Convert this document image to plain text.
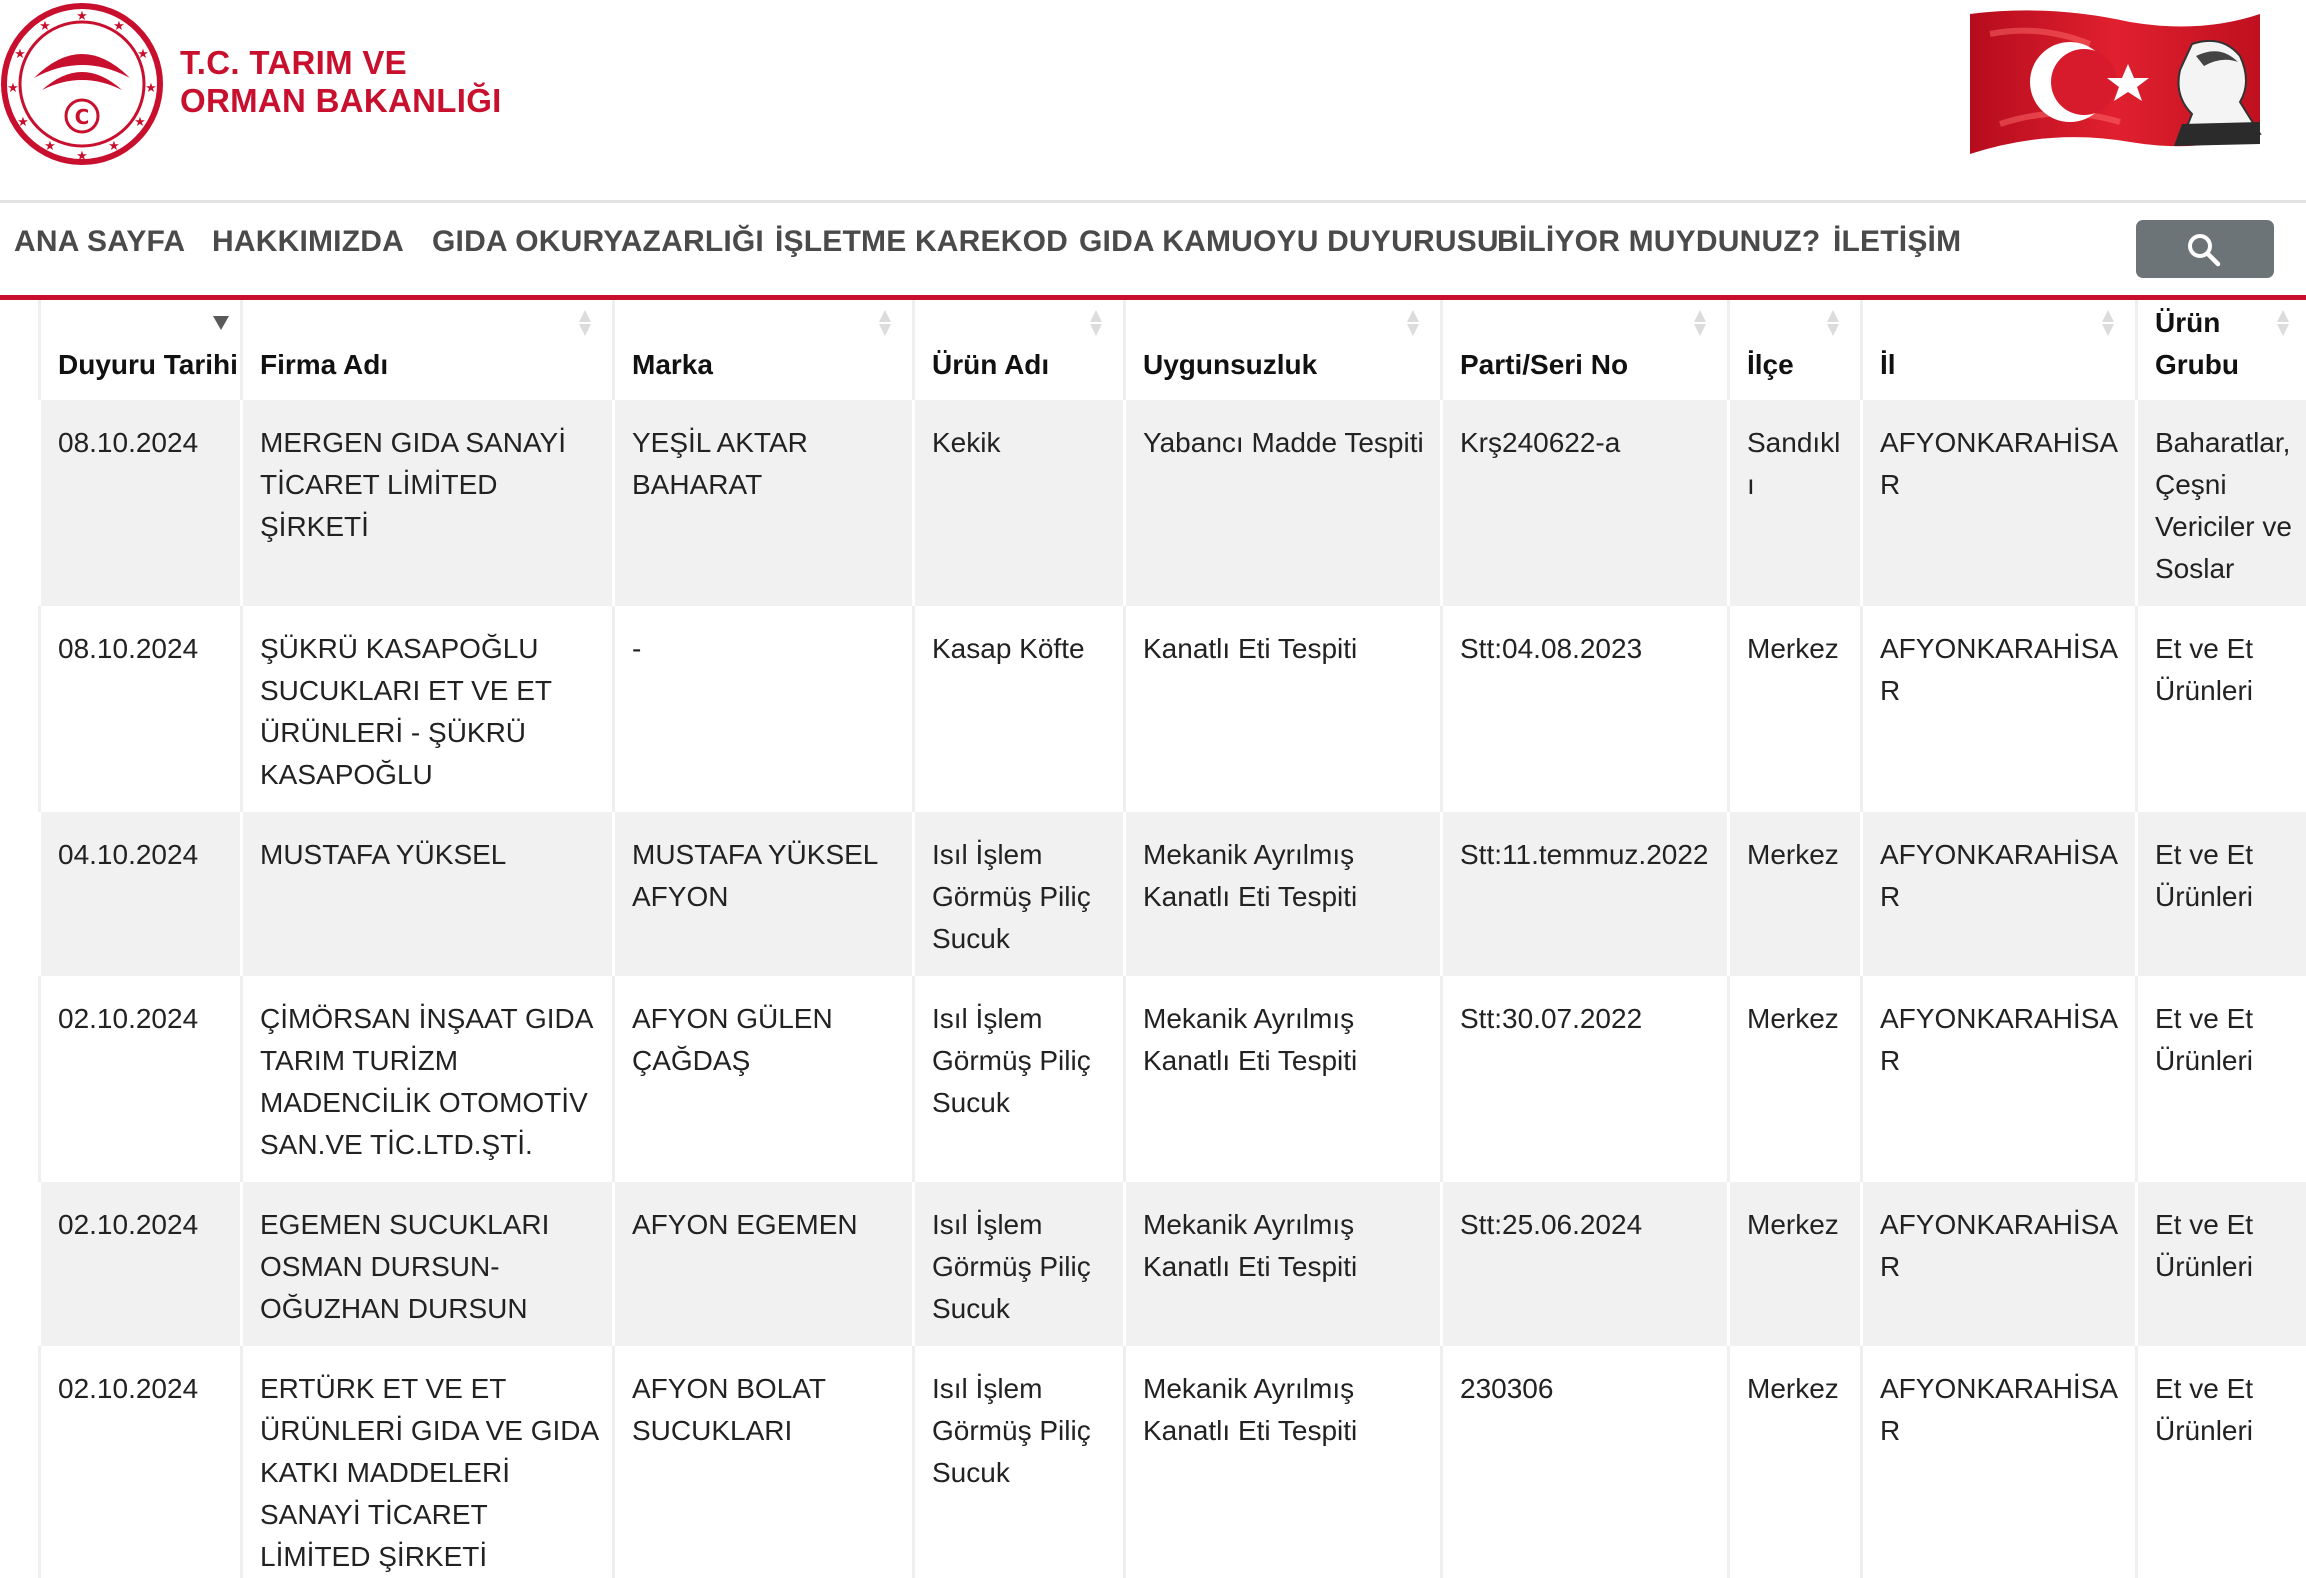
★
★
★
★
★
★
★
★
★
★
★
★
C
T.C. TARIM VE
ORMAN BAKANLIĞI
ANA SAYFA HAKKIMIZDA GIDA OKURYAZARLIĞI İŞLETME KAREKOD GIDA KAMUOYU DUYURUSU
BİLİYOR MUYDUNUZ? İLETİŞİM
Duyuru Tarihi	Firma Adı	Marka	Ürün Adı	Uygunsuzluk	Parti/Seri No	İlçe	İl	Ürün Grubu

08.10.2024	MERGEN GIDA SANAYİ TİCARET LİMİTED ŞİRKETİ	YEŞİL AKTAR BAHARAT	Kekik	Yabancı Madde Tespiti	Krş240622-a	Sandıklı	AFYONKARAHİSAR	Baharatlar, Çeşni Vericiler ve Soslar
08.10.2024	ŞÜKRÜ KASAPOĞLU SUCUKLARI ET VE ET ÜRÜNLERİ - ŞÜKRÜ KASAPOĞLU	-	Kasap Köfte	Kanatlı Eti Tespiti	Stt:04.08.2023	Merkez	AFYONKARAHİSAR	Et ve Et Ürünleri
04.10.2024	MUSTAFA YÜKSEL	MUSTAFA YÜKSEL AFYON	Isıl İşlem Görmüş Piliç Sucuk	Mekanik Ayrılmış Kanatlı Eti Tespiti	Stt:11.temmuz.2022	Merkez	AFYONKARAHİSAR	Et ve Et Ürünleri
02.10.2024	ÇİMÖRSAN İNŞAAT GIDA TARIM TURİZM MADENCİLİK OTOMOTİV SAN.VE TİC.LTD.ŞTİ.	AFYON GÜLEN ÇAĞDAŞ	Isıl İşlem Görmüş Piliç Sucuk	Mekanik Ayrılmış Kanatlı Eti Tespiti	Stt:30.07.2022	Merkez	AFYONKARAHİSAR	Et ve Et Ürünleri
02.10.2024	EGEMEN SUCUKLARI OSMAN DURSUN-OĞUZHAN DURSUN	AFYON EGEMEN	Isıl İşlem Görmüş Piliç Sucuk	Mekanik Ayrılmış Kanatlı Eti Tespiti	Stt:25.06.2024	Merkez	AFYONKARAHİSAR	Et ve Et Ürünleri
02.10.2024	ERTÜRK ET VE ET ÜRÜNLERİ GIDA VE GIDA KATKI MADDELERİ SANAYİ TİCARET LİMİTED ŞİRKETİ	AFYON BOLAT SUCUKLARI	Isıl İşlem Görmüş Piliç Sucuk	Mekanik Ayrılmış Kanatlı Eti Tespiti	230306	Merkez	AFYONKARAHİSAR	Et ve Et Ürünleri
